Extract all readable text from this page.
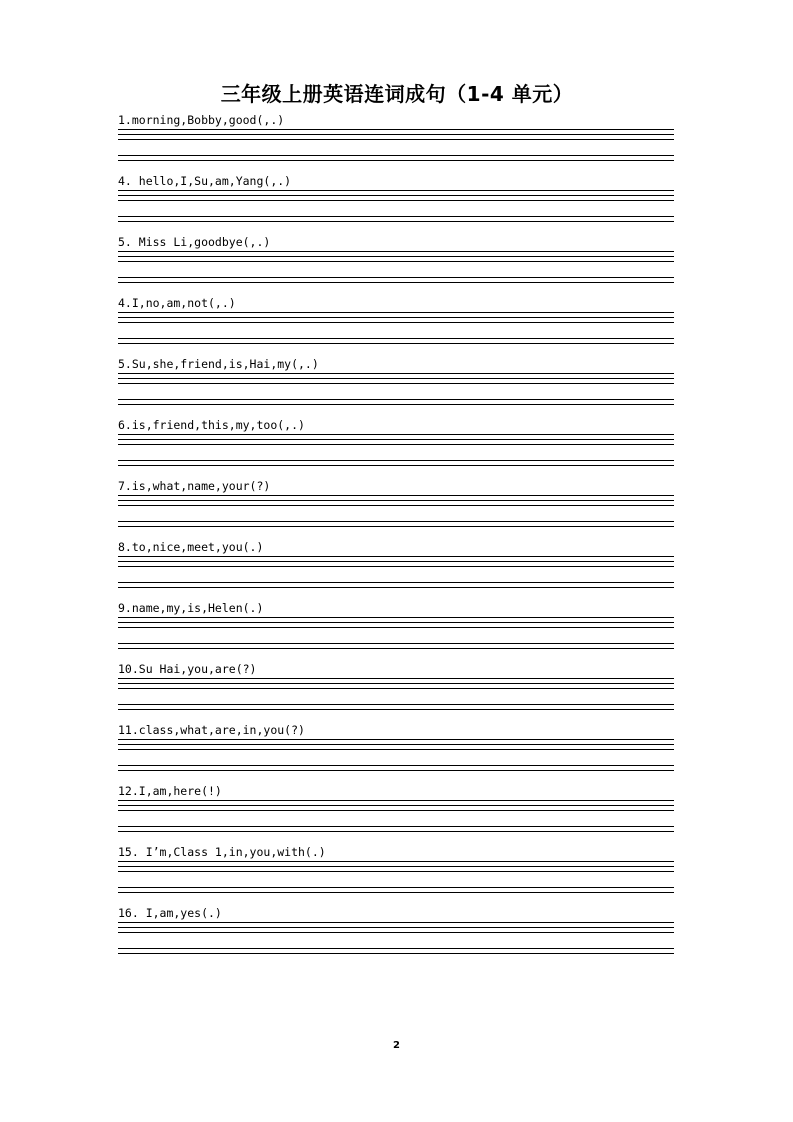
三年级上册英语连词成句（1-4 单元）
1.morning,Bobby,good(,.)
4. hello,I,Su,am,Yang(,.)
5. Miss Li,goodbye(,.)
4.I,no,am,not(,.)
5.Su,she,friend,is,Hai,my(,.)
6.is,friend,this,my,too(,.)
7.is,what,name,your(?)
8.to,nice,meet,you(.)
9.name,my,is,Helen(.)
10.Su Hai,you,are(?)
11.class,what,are,in,you(?)
12.I,am,here(!)
15. I’m,Class 1,in,you,with(.)
16. I,am,yes(.)
2
